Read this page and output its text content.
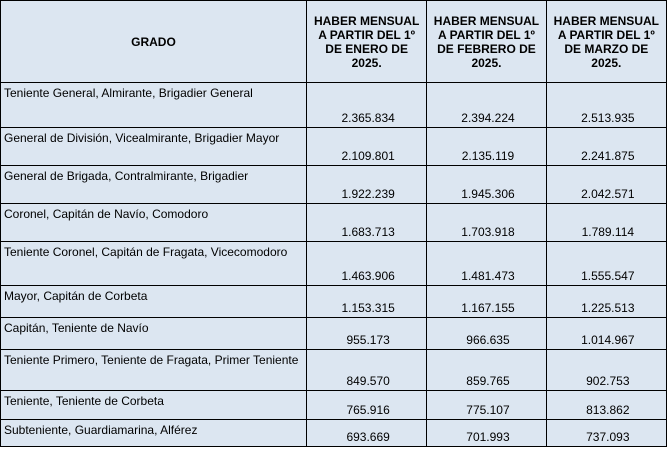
GRADO	HABER MENSUAL A PARTIR DEL 1º DE ENERO DE 2025.	HABER MENSUAL A PARTIR DEL 1º DE FEBRERO DE 2025.	HABER MENSUAL A PARTIR DEL 1º DE MARZO DE 2025.
Teniente General, Almirante, Brigadier General	2.365.834	2.394.224	2.513.935
General de División, Vicealmirante, Brigadier Mayor	2.109.801	2.135.119	2.241.875
General de Brigada, Contralmirante, Brigadier	1.922.239	1.945.306	2.042.571
Coronel, Capitán de Navío, Comodoro	1.683.713	1.703.918	1.789.114
Teniente Coronel, Capitán de Fragata, Vicecomodoro	1.463.906	1.481.473	1.555.547
Mayor, Capitán de Corbeta	1.153.315	1.167.155	1.225.513
Capitán, Teniente de Navío	955.173	966.635	1.014.967
Teniente Primero, Teniente de Fragata, Primer Teniente	849.570	859.765	902.753
Teniente, Teniente de Corbeta	765.916	775.107	813.862
Subteniente, Guardiamarina, Alférez	693.669	701.993	737.093
